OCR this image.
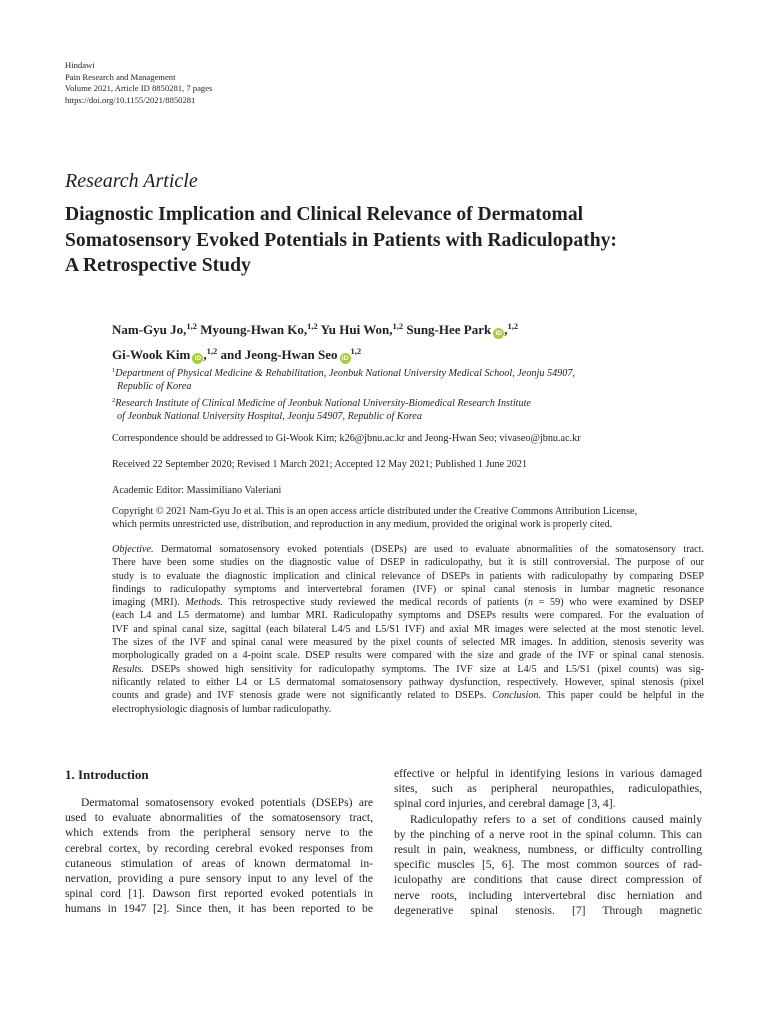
Hindawi
Pain Research and Management
Volume 2021, Article ID 8850281, 7 pages
https://doi.org/10.1155/2021/8850281
Research Article
Diagnostic Implication and Clinical Relevance of Dermatomal
Somatosensory Evoked Potentials in Patients with Radiculopathy:
A Retrospective Study
Nam-Gyu Jo,$^{1,2}$ Myoung-Hwan Ko,$^{1,2}$ Yu Hui Won,$^{1,2}$ Sung-Hee Park iD ,$^{1,2}$
Gi-Wook Kim iD ,$^{1,2}$ and Jeong-Hwan Seo iD$^{1,2}$
$^1$Department of Physical Medicine & Rehabilitation, Jeonbuk National University Medical School, Jeonju 54907,
Republic of Korea
$^2$Research Institute of Clinical Medicine of Jeonbuk National University-Biomedical Research Institute
of Jeonbuk National University Hospital, Jeonju 54907, Republic of Korea
Correspondence should be addressed to Gi-Wook Kim; k26@jbnu.ac.kr and Jeong-Hwan Seo; vivaseo@jbnu.ac.kr
Received 22 September 2020; Revised 1 March 2021; Accepted 12 May 2021; Published 1 June 2021
Academic Editor: Massimiliano Valeriani
Copyright © 2021 Nam-Gyu Jo et al. This is an open access article distributed under the Creative Commons Attribution License,
which permits unrestricted use, distribution, and reproduction in any medium, provided the original work is properly cited.
Objective. Dermatomal somatosensory evoked potentials (DSEPs) are used to evaluate abnormalities of the somatosensory tract.
There have been some studies on the diagnostic value of DSEP in radiculopathy, but it is still controversial. The purpose of our
study is to evaluate the diagnostic implication and clinical relevance of DSEPs in patients with radiculopathy by comparing DSEP
findings to radiculopathy symptoms and intervertebral foramen (IVF) or spinal canal stenosis in lumbar magnetic resonance
imaging (MRI). Methods. This retrospective study reviewed the medical records of patients (n = 59) who were examined by DSEP
(each L4 and L5 dermatome) and lumbar MRI. Radiculopathy symptoms and DSEPs results were compared. For the evaluation of
IVF and spinal canal size, sagittal (each bilateral L4/5 and L5/S1 IVF) and axial MR images were selected at the most stenotic level.
The sizes of the IVF and spinal canal were measured by the pixel counts of selected MR images. In addition, stenosis severity was
morphologically graded on a 4-point scale. DSEP results were compared with the size and grade of the IVF or spinal canal stenosis.
Results. DSEPs showed high sensitivity for radiculopathy symptoms. The IVF size at L4/5 and L5/S1 (pixel counts) was sig-
nificantly related to either L4 or L5 dermatomal somatosensory pathway dysfunction, respectively. However, spinal stenosis (pixel
counts and grade) and IVF stenosis grade were not significantly related to DSEPs. Conclusion. This paper could be helpful in the
electrophysiologic diagnosis of lumbar radiculopathy.
1. Introduction
Dermatomal somatosensory evoked potentials (DSEPs) are
used to evaluate abnormalities of the somatosensory tract,
which extends from the peripheral sensory nerve to the
cerebral cortex, by recording cerebral evoked responses from
cutaneous stimulation of areas of known dermatomal in-
nervation, providing a pure sensory input to any level of the
spinal cord [1]. Dawson first reported evoked potentials in
humans in 1947 [2]. Since then, it has been reported to be
effective or helpful in identifying lesions in various damaged
sites, such as peripheral neuropathies, radiculopathies,
spinal cord injuries, and cerebral damage [3, 4].
Radiculopathy refers to a set of conditions caused mainly
by the pinching of a nerve root in the spinal column. This can
result in pain, weakness, numbness, or difficulty controlling
specific muscles [5, 6]. The most common sources of rad-
iculopathy are conditions that cause direct compression of
nerve roots, including intervertebral disc herniation and
degenerative spinal stenosis. [7] Through magnetic
